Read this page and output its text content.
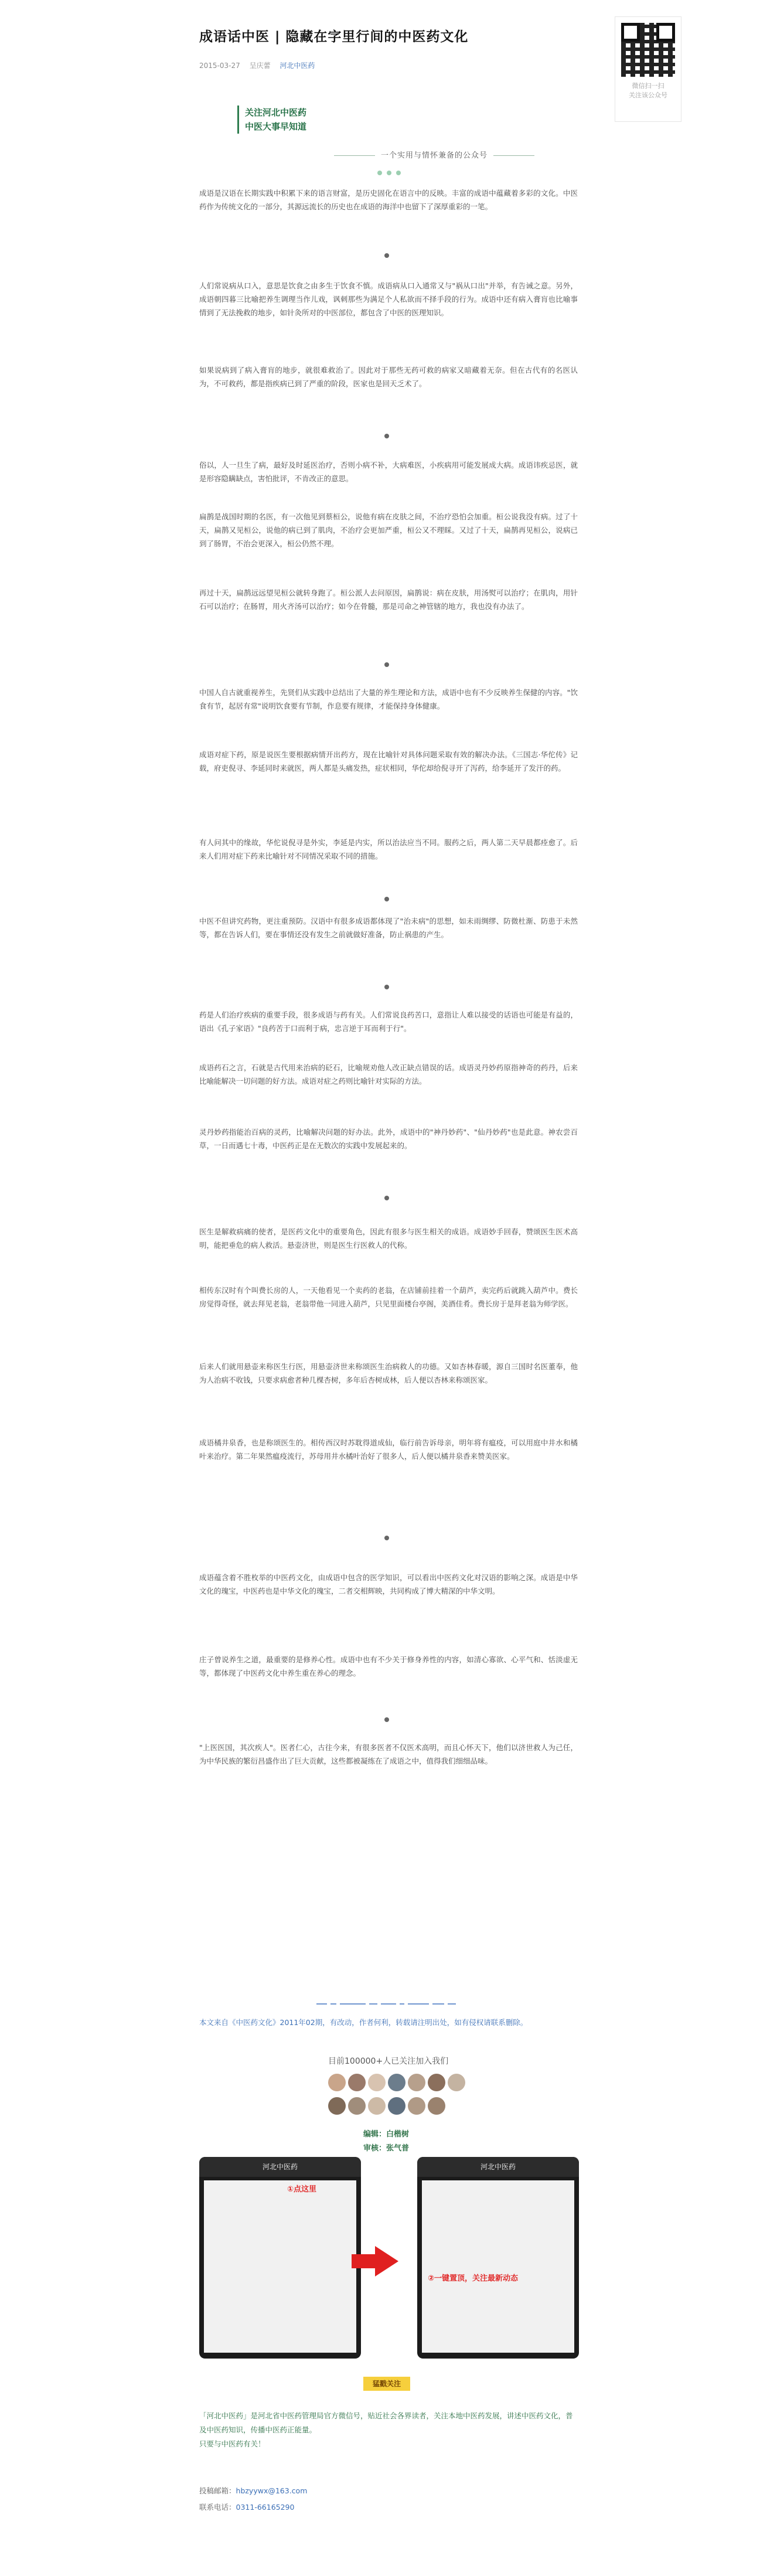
成语话中医 | 隐藏在字里行间的中医药文化
2015-03-27 呈庆蕾 河北中医药
微信扫一扫
关注该公众号
关注河北中医药
中医大事早知道
一个实用与情怀兼备的公众号
成语是汉语在长期实践中积累下来的语言财富，是历史固化在语言中的反映。丰富的成语中蕴藏着多彩的文化。中医药作为传统文化的一部分，其源远流长的历史也在成语的海洋中也留下了深厚重彩的一笔。
人们常说病从口入，意思是饮食之由多生于饮食不慎。成语病从口入通常又与"祸从口出"并举，有告诫之意。另外，成语朝四暮三比喻把养生调理当作儿戏，讽刺那些为满足个人私欲而不择手段的行为。成语中还有病入膏肓也比喻事情到了无法挽救的地步，如针灸所对的中医部位，都包含了中医的医理知识。
如果说病到了病入膏肓的地步，就很难救治了。因此对于那些无药可救的病家又暗藏着无奈。但在古代有的名医认为，不可救药，都是指疾病已到了严重的阶段，医家也是回天乏术了。
俗以，人一旦生了病，最好及时延医治疗，否则小病不补，大病难医，小疾病用可能发展成大病。成语讳疾忌医，就是形容隐瞒缺点，害怕批评，不肯改正的意思。
扁鹊是战国时期的名医，有一次他见到蔡桓公，说他有病在皮肤之间，不治疗恐怕会加重。桓公说我没有病。过了十天，扁鹊又见桓公，说他的病已到了肌肉，不治疗会更加严重，桓公又不理睬。又过了十天，扁鹊再见桓公，说病已到了肠胃，不治会更深入，桓公仍然不理。
再过十天，扁鹊远远望见桓公就转身跑了。桓公派人去问原因，扁鹊说：病在皮肤，用汤熨可以治疗；在肌肉，用针石可以治疗；在肠胃，用火齐汤可以治疗；如今在骨髓，那是司命之神管辖的地方，我也没有办法了。
中国人自古就重视养生，先贤们从实践中总结出了大量的养生理论和方法，成语中也有不少反映养生保健的内容。"饮食有节，起居有常"说明饮食要有节制，作息要有规律，才能保持身体健康。
成语对症下药，原是说医生要根据病情开出药方，现在比喻针对具体问题采取有效的解决办法。《三国志·华佗传》记载，府吏倪寻、李延同时来就医，两人都是头痛发热，症状相同，华佗却给倪寻开了泻药，给李延开了发汗的药。
有人问其中的缘故，华佗说倪寻是外实，李延是内实，所以治法应当不同。服药之后，两人第二天早晨都痊愈了。后来人们用对症下药来比喻针对不同情况采取不同的措施。
中医不但讲究药物，更注重预防。汉语中有很多成语都体现了"治未病"的思想，如未雨绸缪、防微杜渐、防患于未然等，都在告诉人们，要在事情还没有发生之前就做好准备，防止祸患的产生。
药是人们治疗疾病的重要手段，很多成语与药有关。人们常说良药苦口，意指让人难以接受的话语也可能是有益的，语出《孔子家语》"良药苦于口而利于病，忠言逆于耳而利于行"。
成语药石之言，石就是古代用来治病的砭石，比喻规劝他人改正缺点错误的话。成语灵丹妙药原指神奇的药丹，后来比喻能解决一切问题的好方法。成语对症之药则比喻针对实际的方法。
灵丹妙药指能治百病的灵药，比喻解决问题的好办法。此外，成语中的"神丹妙药"、"仙丹妙药"也是此意。神农尝百草，一日而遇七十毒，中医药正是在无数次的实践中发展起来的。
医生是解救病痛的使者，是医药文化中的重要角色，因此有很多与医生相关的成语。成语妙手回春，赞颂医生医术高明，能把垂危的病人救活。悬壶济世，则是医生行医救人的代称。
相传东汉时有个叫费长房的人，一天他看见一个卖药的老翁，在店铺前挂着一个葫芦，卖完药后就跳入葫芦中。费长房觉得奇怪，就去拜见老翁，老翁带他一同进入葫芦，只见里面楼台亭阁，美酒佳肴。费长房于是拜老翁为师学医。
后来人们就用悬壶来称医生行医，用悬壶济世来称颂医生治病救人的功德。又如杏林春暖，源自三国时名医董奉，他为人治病不收钱，只要求病愈者种几棵杏树，多年后杏树成林，后人便以杏林来称颂医家。
成语橘井泉香，也是称颂医生的。相传西汉时苏耽得道成仙，临行前告诉母亲，明年将有瘟疫，可以用庭中井水和橘叶来治疗。第二年果然瘟疫流行，苏母用井水橘叶治好了很多人，后人便以橘井泉香来赞美医家。
成语蕴含着不胜枚举的中医药文化，由成语中包含的医学知识，可以看出中医药文化对汉语的影响之深。成语是中华文化的瑰宝，中医药也是中华文化的瑰宝，二者交相辉映，共同构成了博大精深的中华文明。
庄子曾说养生之道，最重要的是修养心性。成语中也有不少关于修身养性的内容，如清心寡欲、心平气和、恬淡虚无等，都体现了中医药文化中养生重在养心的理念。
"上医医国，其次疾人"。医者仁心，古往今来，有很多医者不仅医术高明，而且心怀天下，他们以济世救人为己任，为中华民族的繁衍昌盛作出了巨大贡献，这些都被凝练在了成语之中，值得我们细细品味。
本文来自《中医药文化》2011年02期，有改动，作者何利，转载请注明出处，如有侵权请联系删除。
目前100000+人已关注加入我们

编辑：白楷树
审核：张气普
河北中医药
①点这里
河北中医药
②一键置顶，关注最新动态
猛戳关注
「河北中医药」是河北省中医药管理局官方微信号，贴近社会各界读者，关注本地中医药发展，讲述中医药文化，普及中医药知识，传播中医药正能量。
只要与中医药有关！
投稿邮箱：hbzyywx@163.com
联系电话：0311-66165290
